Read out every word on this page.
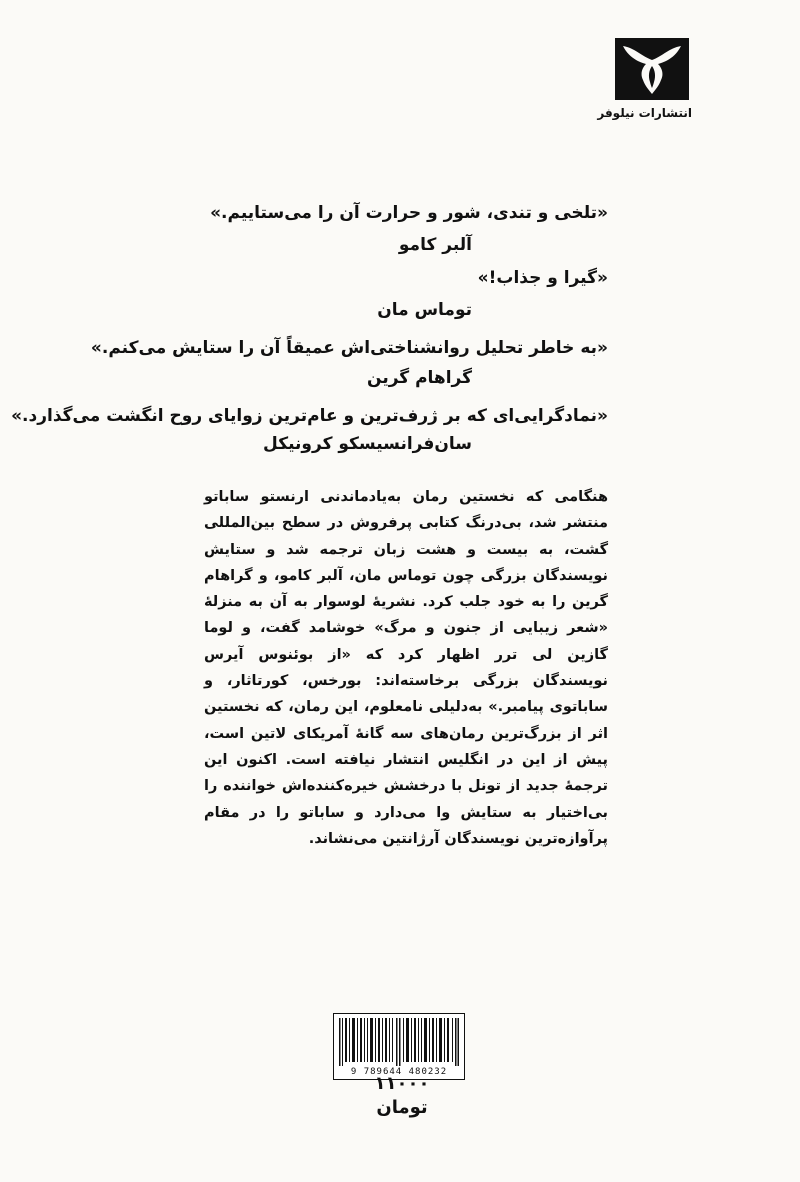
انتشارات نیلوفر

«تلخی و تندی، شور و حرارت آن را می‌ستاییم.»

آلبر کامو

«گیرا و جذاب!»

توماس مان

«به خاطر تحلیل روانشناختی‌اش عمیقاً آن را ستایش می‌کنم.»

گراهام گرین

«نمادگرایی‌ای که بر ژرف‌ترین و عام‌ترین زوایای روح انگشت می‌گذارد.»

سان‌فرانسیسکو کرونیکل

هنگامی که نخستین رمان به‌یادماندنی ارنستو ساباتو منتشر شد، بی‌درنگ کتابی پرفروش در سطح بین‌المللی گشت، به بیست و هشت زبان ترجمه شد و ستایش نویسندگان بزرگی چون توماس مان، آلبر کامو، و گراهام گرین را به خود جلب کرد. نشریهٔ لوسوار به آن به منزلهٔ «شعر زیبایی از جنون و مرگ» خوشامد گفت، و لوما گازین لی ترر اظهار کرد که «از بوئنوس آیرس نویسندگان بزرگی برخاسته‌اند: بورخس، کورتاثار، و ساباتوی پیامبر.» به‌دلیلی نامعلوم، این رمان، که نخستین اثر از بزرگ‌ترین رمان‌های سه گانهٔ آمریکای لاتین است، پیش از این در انگلیس انتشار نیافته است. اکنون این ترجمهٔ جدید از تونل با درخشش خیره‌کننده‌اش خواننده را بی‌اختیار به ستایش وا می‌دارد و ساباتو را در مقام پرآوازه‌ترین نویسندگان آرژانتین می‌نشاند.

9 789644 480232
۱۱۰۰۰
تومان
